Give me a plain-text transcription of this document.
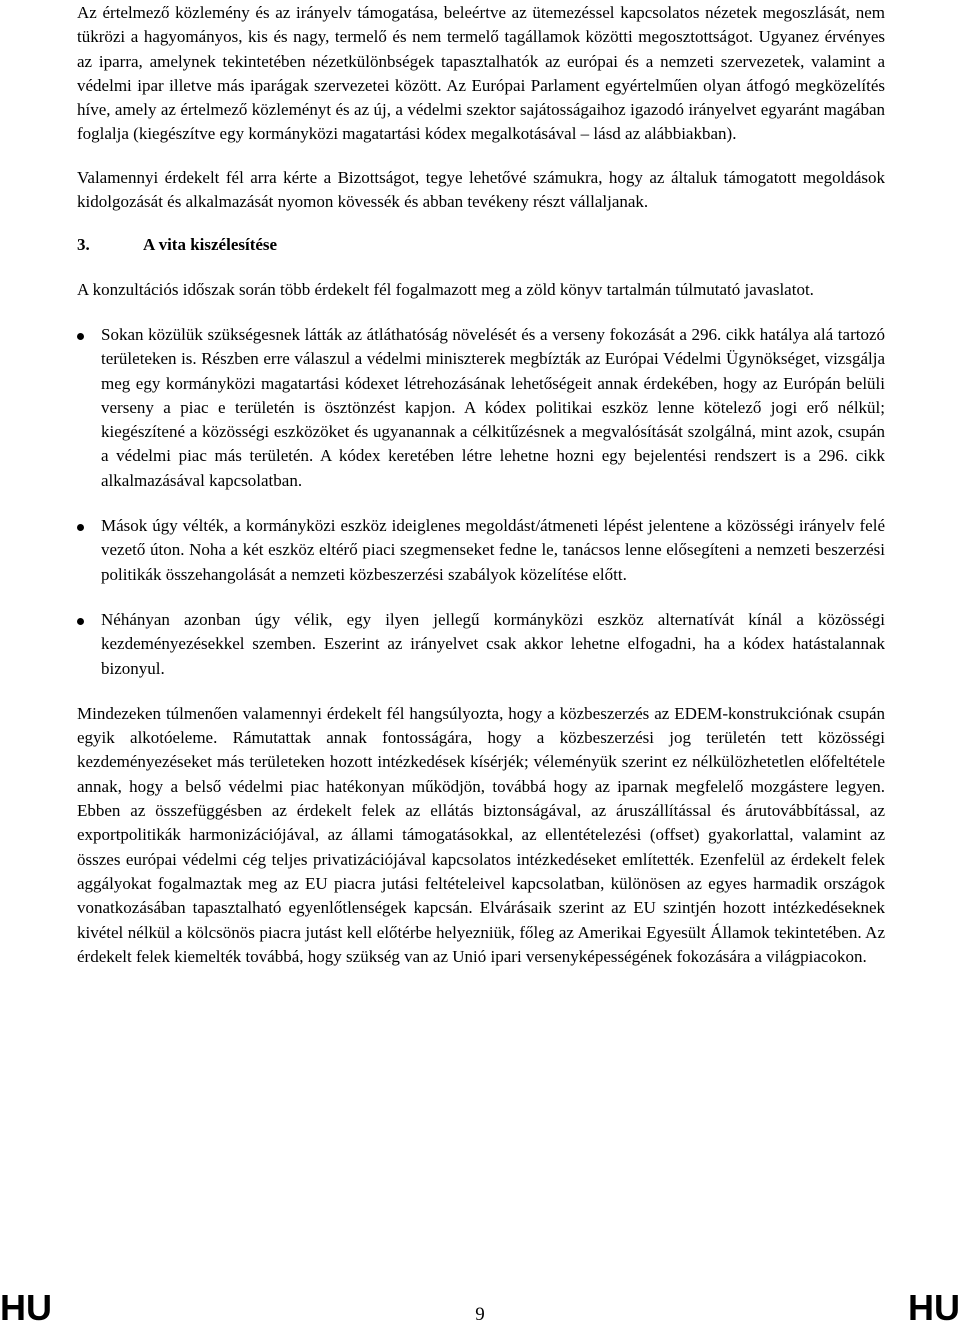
Az értelmező közlemény és az irányelv támogatása, beleértve az ütemezéssel kapcsolatos nézetek megoszlását, nem tükrözi a hagyományos, kis és nagy, termelő és nem termelő tagállamok közötti megosztottságot. Ugyanez érvényes az iparra, amelynek tekintetében nézetkülönbségek tapasztalhatók az európai és a nemzeti szervezetek, valamint a védelmi ipar illetve más iparágak szervezetei között. Az Európai Parlament egyértelműen olyan átfogó megközelítés híve, amely az értelmező közleményt és az új, a védelmi szektor sajátosságaihoz igazodó irányelvet egyaránt magában foglalja (kiegészítve egy kormányközi magatartási kódex megalkotásával – lásd az alábbiakban).

Valamennyi érdekelt fél arra kérte a Bizottságot, tegye lehetővé számukra, hogy az általuk támogatott megoldások kidolgozását és alkalmazását nyomon kövessék és abban tevékeny részt vállaljanak.

3.	A vita kiszélesítése

A konzultációs időszak során több érdekelt fél fogalmazott meg a zöld könyv tartalmán túlmutató javaslatot.

Sokan közülük szükségesnek látták az átláthatóság növelését és a verseny fokozását a 296. cikk hatálya alá tartozó területeken is. Részben erre válaszul a védelmi miniszterek megbízták az Európai Védelmi Ügynökséget, vizsgálja meg egy kormányközi magatartási kódexet létrehozásának lehetőségeit annak érdekében, hogy az Európán belüli verseny a piac e területén is ösztönzést kapjon. A kódex politikai eszköz lenne kötelező jogi erő nélkül; kiegészítené a közösségi eszközöket és ugyanannak a célkitűzésnek a megvalósítását szolgálná, mint azok, csupán a védelmi piac más területén. A kódex keretében létre lehetne hozni egy bejelentési rendszert is a 296. cikk alkalmazásával kapcsolatban.
Mások úgy vélték, a kormányközi eszköz ideiglenes megoldást/átmeneti lépést jelentene a közösségi irányelv felé vezető úton. Noha a két eszköz eltérő piaci szegmenseket fedne le, tanácsos lenne elősegíteni a nemzeti beszerzési politikák összehangolását a nemzeti közbeszerzési szabályok közelítése előtt.
Néhányan azonban úgy vélik, egy ilyen jellegű kormányközi eszköz alternatívát kínál a közösségi kezdeményezésekkel szemben. Eszerint az irányelvet csak akkor lehetne elfogadni, ha a kódex hatástalannak bizonyul.

Mindezeken túlmenően valamennyi érdekelt fél hangsúlyozta, hogy a közbeszerzés az EDEM-konstrukciónak csupán egyik alkotóeleme. Rámutattak annak fontosságára, hogy a közbeszerzési jog területén tett közösségi kezdeményezéseket más területeken hozott intézkedések kísérjék; véleményük szerint ez nélkülözhetetlen előfeltétele annak, hogy a belső védelmi piac hatékonyan működjön, továbbá hogy az iparnak megfelelő mozgástere legyen. Ebben az összefüggésben az érdekelt felek az ellátás biztonságával, az áruszállítással és árutovábbítással, az exportpolitikák harmonizációjával, az állami támogatásokkal, az ellentételezési (offset) gyakorlattal, valamint az összes európai védelmi cég teljes privatizációjával kapcsolatos intézkedéseket említették. Ezenfelül az érdekelt felek aggályokat fogalmaztak meg az EU piacra jutási feltételeivel kapcsolatban, különösen az egyes harmadik országok vonatkozásában tapasztalható egyenlőtlenségek kapcsán. Elvárásaik szerint az EU szintjén hozott intézkedéseknek kivétel nélkül a kölcsönös piacra jutást kell előtérbe helyezniük, főleg az Amerikai Egyesült Államok tekintetében. Az érdekelt felek kiemelték továbbá, hogy szükség van az Unió ipari versenyképességének fokozására a világpiacokon.

HU	9	HU
